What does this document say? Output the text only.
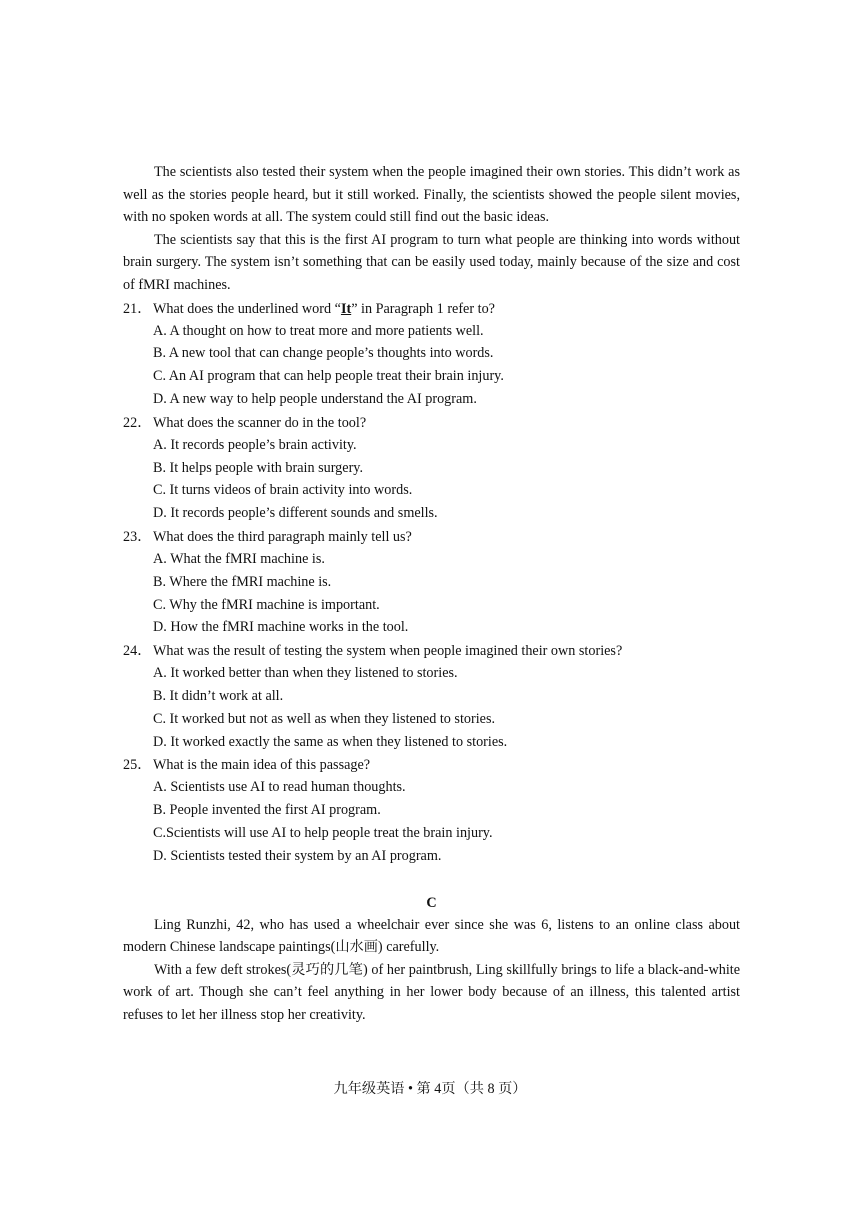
The scientists also tested their system when the people imagined their own stories. This didn’t work as well as the stories people heard, but it still worked. Finally, the scientists showed the people silent movies, with no spoken words at all. The system could still find out the basic ideas.

The scientists say that this is the first AI program to turn what people are thinking into words without brain surgery. The system isn’t something that can be easily used today, mainly because of the size and cost of fMRI machines.

21． What does the underlined word “It” in Paragraph 1 refer to?
A. A thought on how to treat more and more patients well.
B. A new tool that can change people’s thoughts into words.
C. An AI program that can help people treat their brain injury.
D. A new way to help people understand the AI program.
22． What does the scanner do in the tool?
A. It records people’s brain activity.
B. It helps people with brain surgery.
C. It turns videos of brain activity into words.
D. It records people’s different sounds and smells.
23． What does the third paragraph mainly tell us?
A. What the fMRI machine is.
B. Where the fMRI machine is.
C. Why the fMRI machine is important.
D. How the fMRI machine works in the tool.
24． What was the result of testing the system when people imagined their own stories?
A. It worked better than when they listened to stories.
B. It didn’t work at all.
C. It worked but not as well as when they listened to stories.
D. It worked exactly the same as when they listened to stories.
25． What is the main idea of this passage?
A. Scientists use AI to read human thoughts.
B. People invented the first AI program.
C.Scientists will use AI to help people treat the brain injury.
D. Scientists tested their system by an AI program.
C

Ling Runzhi, 42, who has used a wheelchair ever since she was 6, listens to an online class about modern Chinese landscape paintings(山水画) carefully.

With a few deft strokes(灵巧的几笔) of her paintbrush, Ling skillfully brings to life a black-and-white work of art. Though she can’t feel anything in her lower body because of an illness, this talented artist refuses to let her illness stop her creativity.

九年级英语 • 第 4页（共 8 页）
